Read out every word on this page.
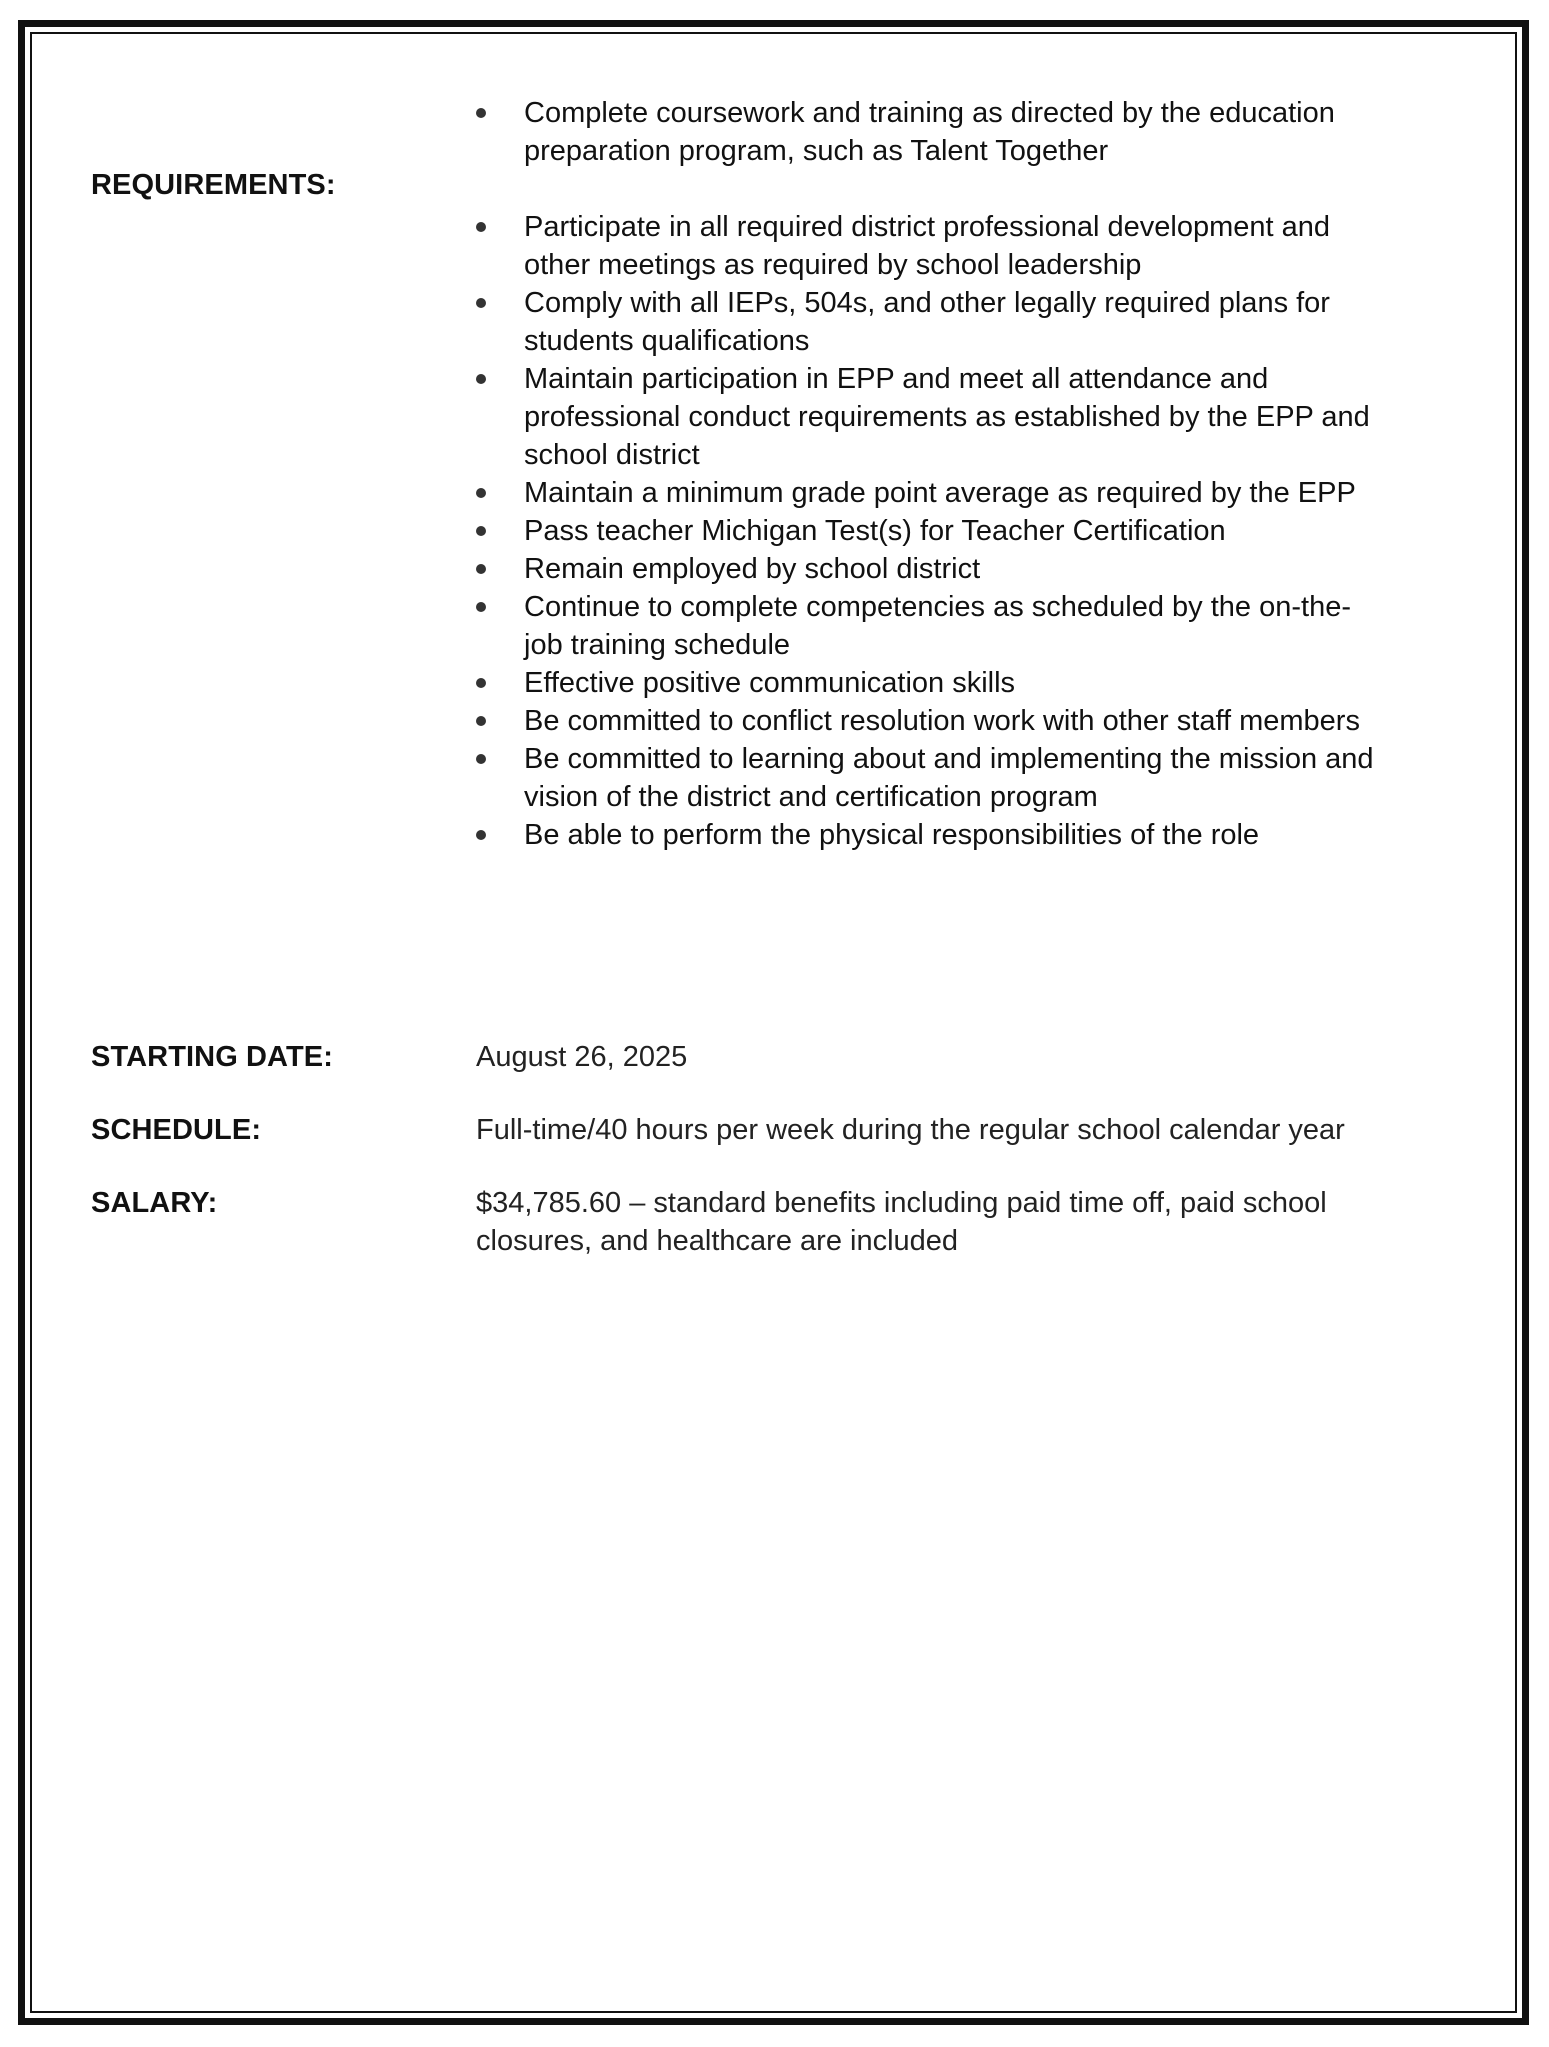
REQUIREMENTS:
Complete coursework and training as directed by the education preparation program, such as Talent Together
Participate in all required district professional development and other meetings as required by school leadership
Comply with all IEPs, 504s, and other legally required plans for students qualifications
Maintain participation in EPP and meet all attendance and professional conduct requirements as established by the EPP and school district
Maintain a minimum grade point average as required by the EPP
Pass teacher Michigan Test(s) for Teacher Certification
Remain employed by school district
Continue to complete competencies as scheduled by the on-the-job training schedule
Effective positive communication skills
Be committed to conflict resolution work with other staff members
Be committed to learning about and implementing the mission and vision of the district and certification program
Be able to perform the physical responsibilities of the role
STARTING DATE:	August 26, 2025
SCHEDULE:	Full-time/40 hours per week during the regular school calendar year
SALARY:	$34,785.60 – standard benefits including paid time off, paid school closures, and healthcare are included
